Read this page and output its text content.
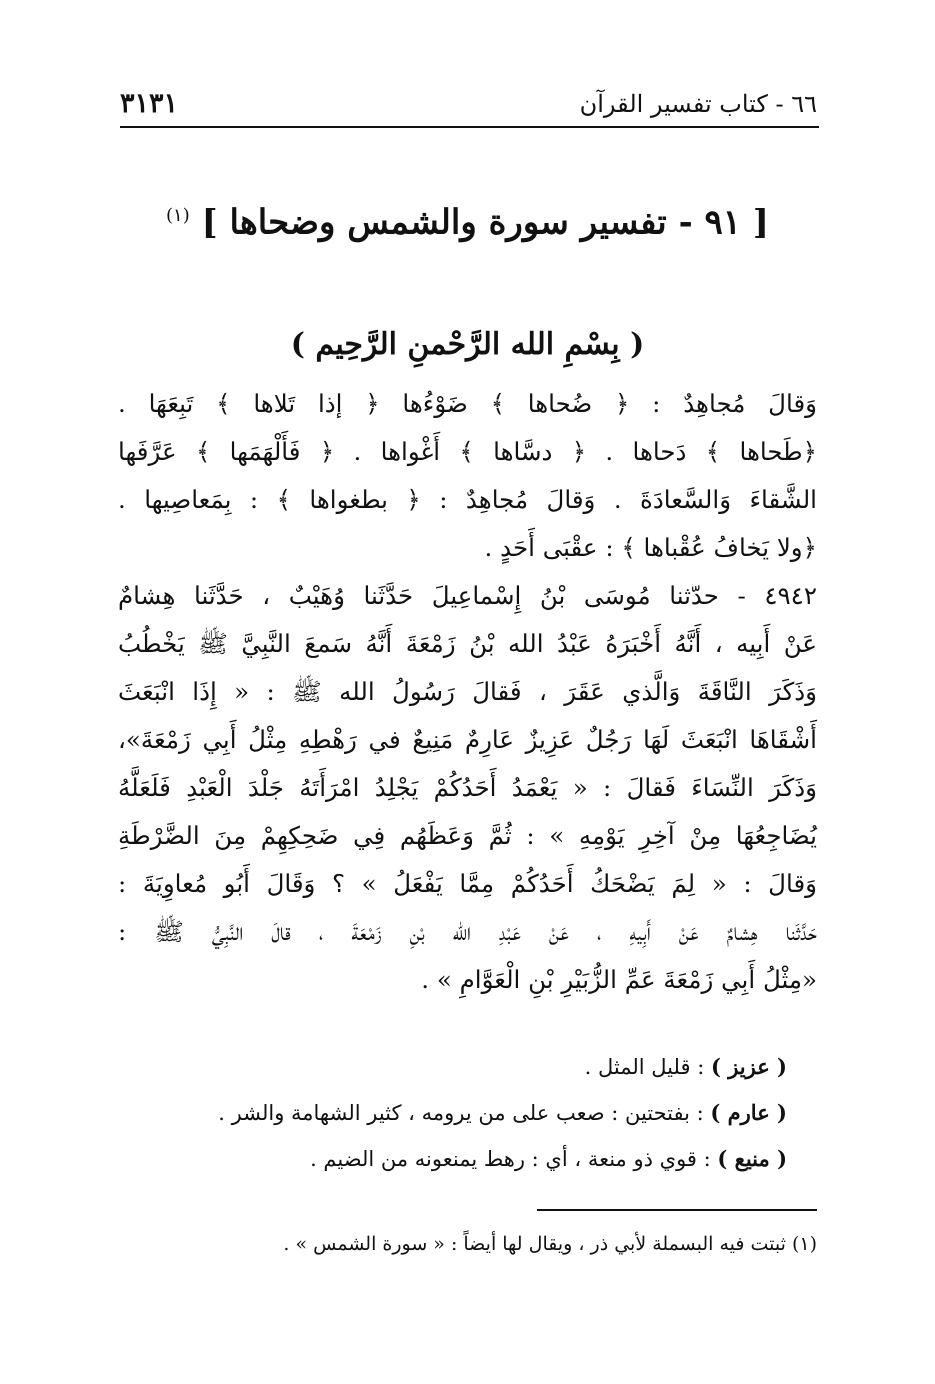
٦٦ - كتاب تفسير القرآن
٣١٣١
[ ٩١ - تفسير سورة والشمس وضحاها ] $^{(١)}$
( بِسْمِ الله الرَّحْمنِ الرَّحِيم )
وَقالَ مُجاهِدٌ : ﴿ ضُحاها ﴾ ضَوْءُها ﴿ إذا تَلاها ﴾ تَبِعَهَا .
﴿طَحاها ﴾ دَحاها . ﴿ دسَّاها ﴾ أَغْواها . ﴿ فَأَلْهَمَها ﴾ عَرَّفَها
الشَّقاءَ وَالسَّعادَةَ . وَقالَ مُجاهِدٌ : ﴿ بطغواها ﴾ : بِمَعاصِيها .
﴿ولا يَخافُ عُقْباها ﴾ : عقْبَى أَحَدٍ .
٤٩٤٢ - حدّثنا مُوسَى بْنُ إِسْماعِيلَ حَدَّثَنا وُهَيْبٌ ، حَدَّثَنا هِشامٌ
عَنْ أَبِيه ، أَنَّهُ أَخْبَرَهُ عَبْدُ الله بْنُ زَمْعَةَ أَنَّهُ سَمعَ النَّبِيَّ ﷺ يَخْطُبُ
وَذَكَرَ النَّاقَةَ وَالَّذي عَقَرَ ، فَقالَ رَسُولُ الله ﷺ : « إِذَا انْبَعَثَ
أَشْقَاهَا انْبَعَثَ لَهَا رَجُلٌ عَزِيزٌ عَارِمٌ مَنِيعٌ في رَهْطِهِ مِثْلُ أَبِي زَمْعَةَ»،
وَذَكَرَ النِّسَاءَ فَقالَ : « يَعْمَدُ أَحَدُكُمْ يَجْلِدُ امْرَأَتَهُ جَلْدَ الْعَبْدِ فَلَعَلَّهُ
يُضَاجِعُهَا مِنْ آخِرِ يَوْمِهِ » : ثُمَّ وَعَظَهُم فِي ضَحِكِهِمْ مِنَ الضَّرْطَةِ
وَقالَ : « لِمَ يَضْحَكُ أَحَدُكُمْ مِمَّا يَفْعَلُ » ؟ وَقَالَ أَبُو مُعاوِيَةَ :
حَدَّثَنا هِشامٌ عَنْ أَبِيهِ ، عَنْ عَبْدِ الله بْنِ زَمْعَةَ ، قالَ النَّبِيُّ ﷺ :
«مِثْلُ أَبِي زَمْعَةَ عَمِّ الزُّبَيْرِ بْنِ الْعَوَّامِ » .
( عزيز ) : قليل المثل .
( عارم ) : بفتحتين : صعب على من يرومه ، كثير الشهامة والشر .
( منيع ) : قوي ذو منعة ، أي : رهط يمنعونه من الضيم .
(١) ثبتت فيه البسملة لأبي ذر ، ويقال لها أيضاً : « سورة الشمس » .
